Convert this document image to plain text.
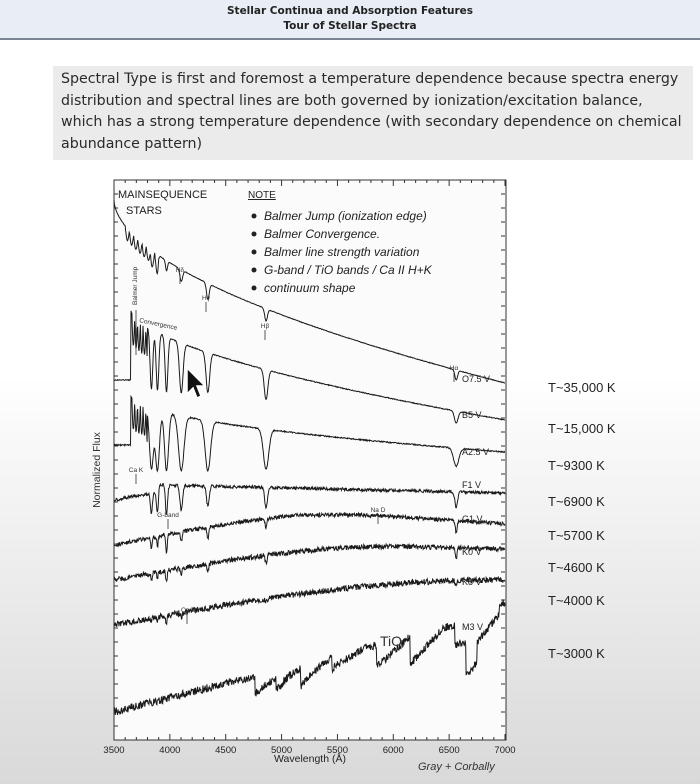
Stellar Continua and Absorption Features
Tour of Stellar Spectra
Spectral Type is first and foremost a temperature dependence because spectra energy distribution and spectral lines are both governed by ionization/excitation balance, which has a strong temperature dependence (with secondary dependence on chemical abundance pattern)
3500	4000	4500	5000	5500	6000	6500	7000
Wavelength (Å)
Normalized Flux
O7.5 V
B5 V
A2.5 V
F1 V
G1 V
K0 V
K8 V
M3 V
Balmer Jump
Convergence
Hδ
Hγ
Hβ
Hα
Ca K
G-band
Na D
Ca I
MAINSEQUENCE
STARS
NOTE
Balmer Jump (ionization edge)
Balmer Convergence.
Balmer line strength variation
G-band / TiO bands / Ca II H+K
continuum shape
TiO
Gray + Corbally
T~35,000 K
T~15,000 K
T~9300 K
T~6900 K
T~5700 K
T~4600 K
T~4000 K
T~3000 K
